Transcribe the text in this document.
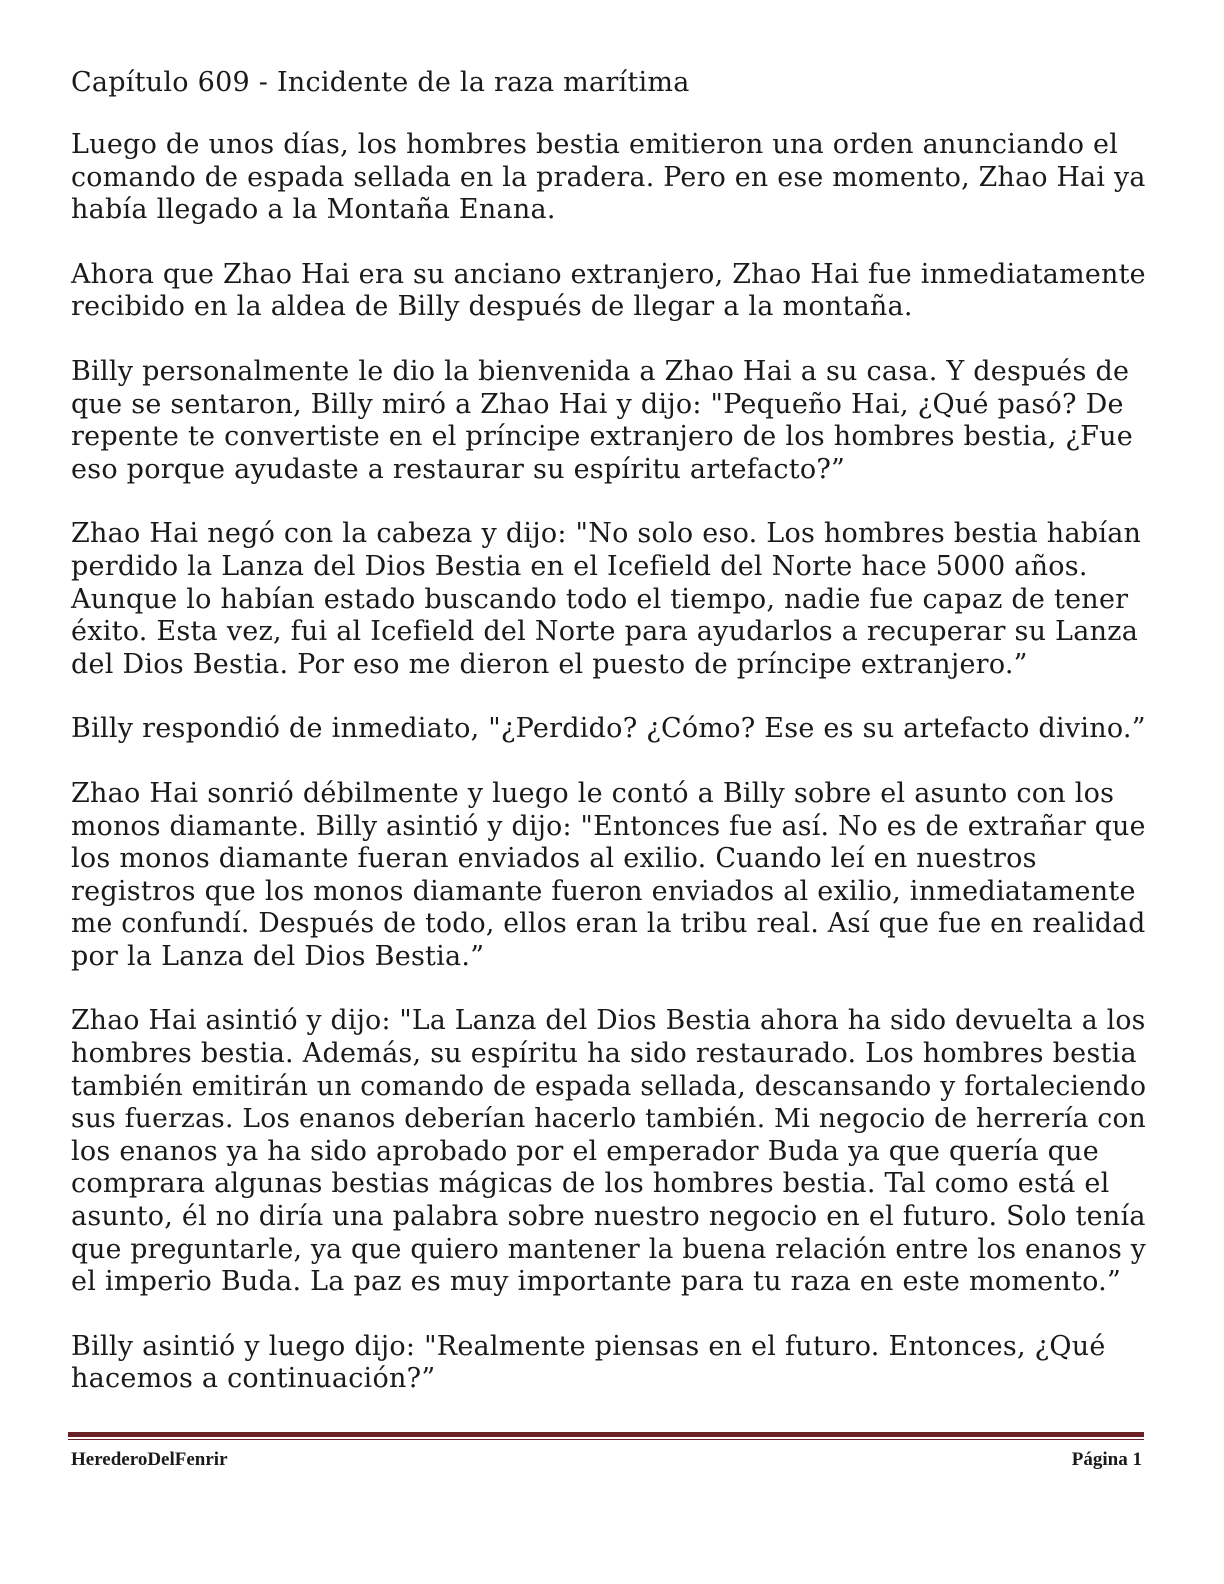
Capítulo 609 - Incidente de la raza marítima
Luego de unos días, los hombres bestia emitieron una orden anunciando el
comando de espada sellada en la pradera. Pero en ese momento, Zhao Hai ya
había llegado a la Montaña Enana.
Ahora que Zhao Hai era su anciano extranjero, Zhao Hai fue inmediatamente
recibido en la aldea de Billy después de llegar a la montaña.
Billy personalmente le dio la bienvenida a Zhao Hai a su casa. Y después de
que se sentaron, Billy miró a Zhao Hai y dijo: "Pequeño Hai, ¿Qué pasó? De
repente te convertiste en el príncipe extranjero de los hombres bestia, ¿Fue
eso porque ayudaste a restaurar su espíritu artefacto?”
Zhao Hai negó con la cabeza y dijo: "No solo eso. Los hombres bestia habían
perdido la Lanza del Dios Bestia en el Icefield del Norte hace 5000 años.
Aunque lo habían estado buscando todo el tiempo, nadie fue capaz de tener
éxito. Esta vez, fui al Icefield del Norte para ayudarlos a recuperar su Lanza
del Dios Bestia. Por eso me dieron el puesto de príncipe extranjero.”
Billy respondió de inmediato, "¿Perdido? ¿Cómo? Ese es su artefacto divino.”
Zhao Hai sonrió débilmente y luego le contó a Billy sobre el asunto con los
monos diamante. Billy asintió y dijo: "Entonces fue así. No es de extrañar que
los monos diamante fueran enviados al exilio. Cuando leí en nuestros
registros que los monos diamante fueron enviados al exilio, inmediatamente
me confundí. Después de todo, ellos eran la tribu real. Así que fue en realidad
por la Lanza del Dios Bestia.”
Zhao Hai asintió y dijo: "La Lanza del Dios Bestia ahora ha sido devuelta a los
hombres bestia. Además, su espíritu ha sido restaurado. Los hombres bestia
también emitirán un comando de espada sellada, descansando y fortaleciendo
sus fuerzas. Los enanos deberían hacerlo también. Mi negocio de herrería con
los enanos ya ha sido aprobado por el emperador Buda ya que quería que
comprara algunas bestias mágicas de los hombres bestia. Tal como está el
asunto, él no diría una palabra sobre nuestro negocio en el futuro. Solo tenía
que preguntarle, ya que quiero mantener la buena relación entre los enanos y
el imperio Buda. La paz es muy importante para tu raza en este momento.”
Billy asintió y luego dijo: "Realmente piensas en el futuro. Entonces, ¿Qué
hacemos a continuación?”
HerederoDelFenrir	Página 1
